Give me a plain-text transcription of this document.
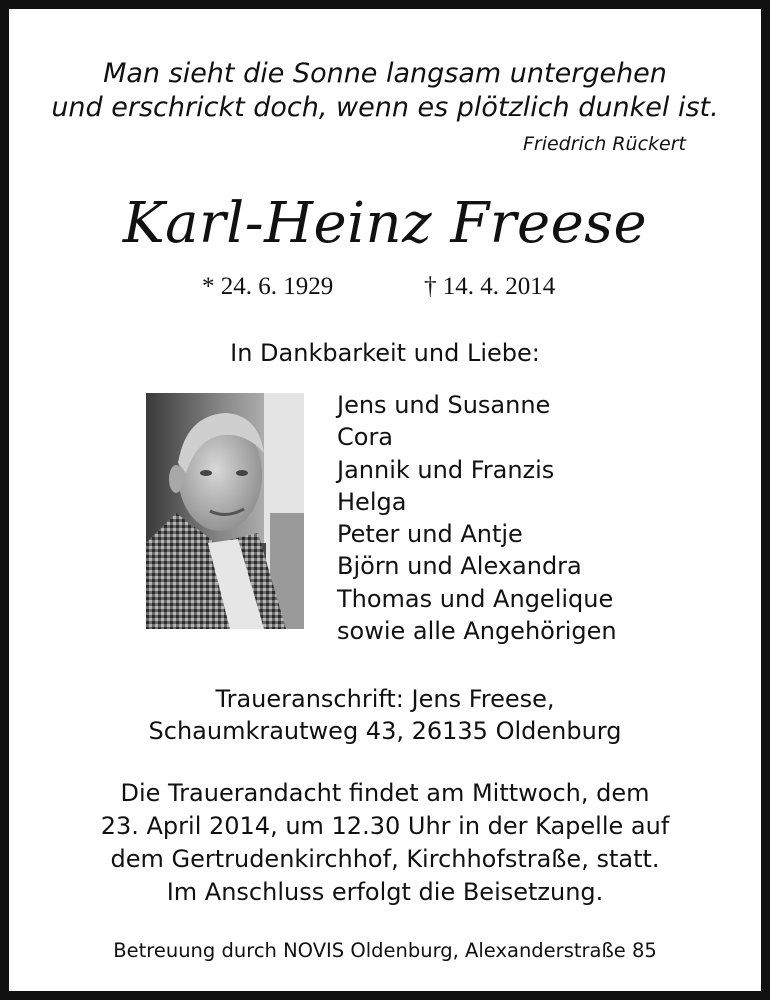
Man sieht die Sonne langsam untergehen
und erschrickt doch, wenn es plötzlich dunkel ist.
Friedrich Rückert
Karl-Heinz Freese
* 24. 6. 1929	† 14. 4. 2014
In Dankbarkeit und Liebe:
Jens und Susanne
Cora
Jannik und Franzis
Helga
Peter und Antje
Björn und Alexandra
Thomas und Angelique
sowie alle Angehörigen
Traueranschrift: Jens Freese,
Schaumkrautweg 43, 26135 Oldenburg
Die Trauerandacht findet am Mittwoch, dem
23. April 2014, um 12.30 Uhr in der Kapelle auf
dem Gertrudenkirchhof, Kirchhofstraße, statt.
Im Anschluss erfolgt die Beisetzung.
Betreuung durch NOVIS Oldenburg, Alexanderstraße 85
